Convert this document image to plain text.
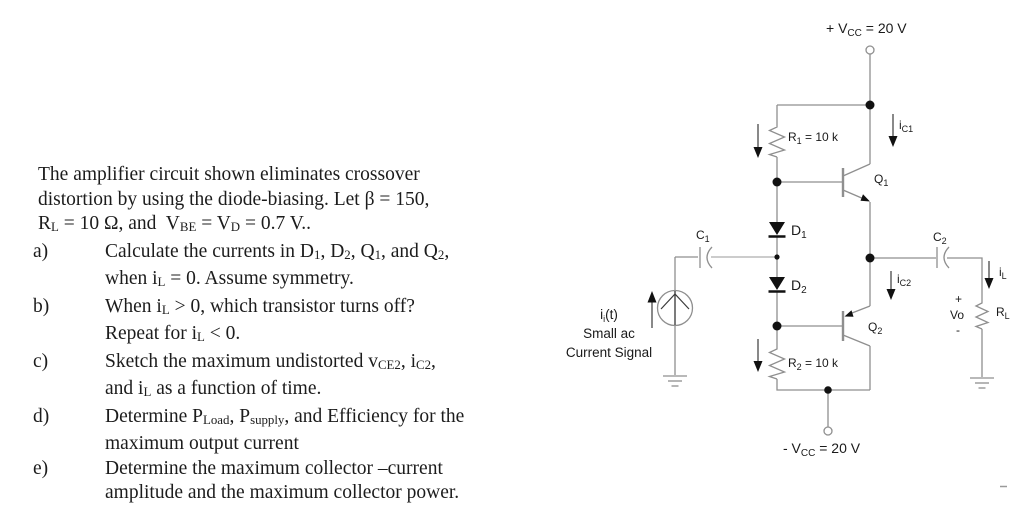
The amplifier circuit shown eliminates crossover
distortion by using the diode-biasing. Let β = 150,
RL = 10 Ω, and  VBE = VD = 0.7 V..
a)	Calculate the currents in D1, D2, Q1, and Q2,
when iL = 0. Assume symmetry.
b)	When iL > 0, which transistor turns off?
Repeat for iL < 0.
c)	Sketch the maximum undistorted vCE2, iC2,
and iL as a function of time.
d)	Determine PLoad, Psupply, and Efficiency for the
maximum output current
e)	Determine the maximum collector –current
amplitude and the maximum collector power.
+ $V_{CC} = 20$ V
- $V_{CC} = 20$ V
$R_1 = 10$ k
$R_2 = 10$ k
$R_L$
$C_1$	$C_2$
$D_1$
$D_2$
$Q_1$
$Q_2$
$i_{C1}$
$i_{C2}$
$i_L$
+
Vo
-
$i_i(t)$
Small ac
Current Signal
